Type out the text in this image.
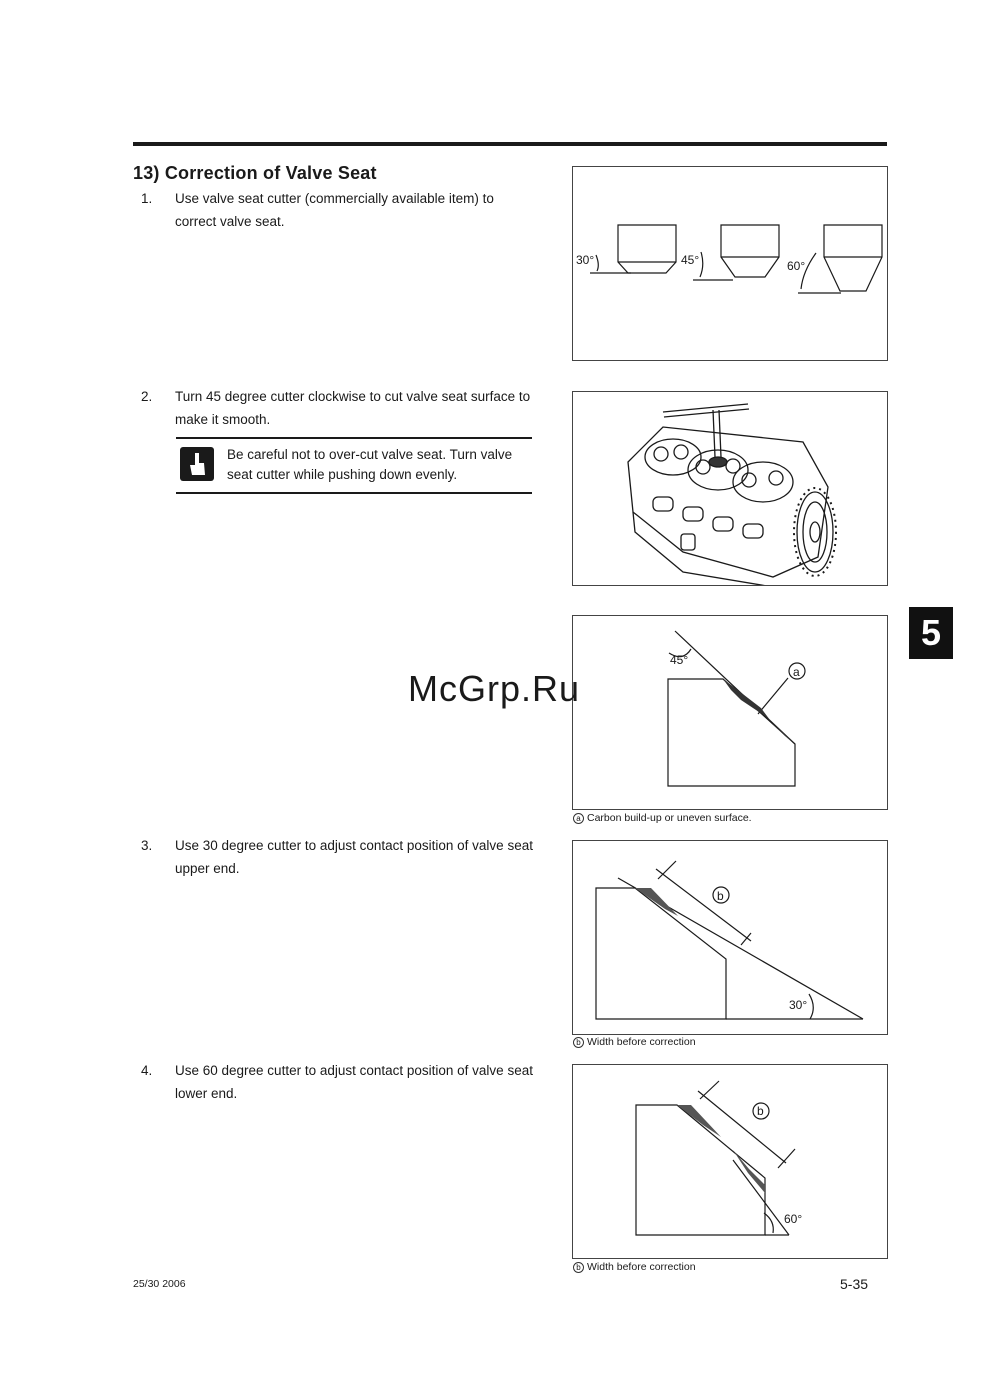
13) Correction of Valve Seat
1.	Use valve seat cutter (commercially available item) to correct valve seat.
30°	45°	60°
2.	Turn 45 degree cutter clockwise to cut valve seat surface to make it smooth.
Be careful not to over-cut valve seat. Turn valve seat cutter while pushing down evenly.
5
45°
a
a Carbon build-up or uneven surface.
McGrp.Ru
3.	Use 30 degree cutter to adjust contact position of valve seat upper end.
b
30°
b Width before correction
4.	Use 60 degree cutter to adjust contact position of valve seat lower end.
b
60°
b Width before correction
25/30 2006	5-35
